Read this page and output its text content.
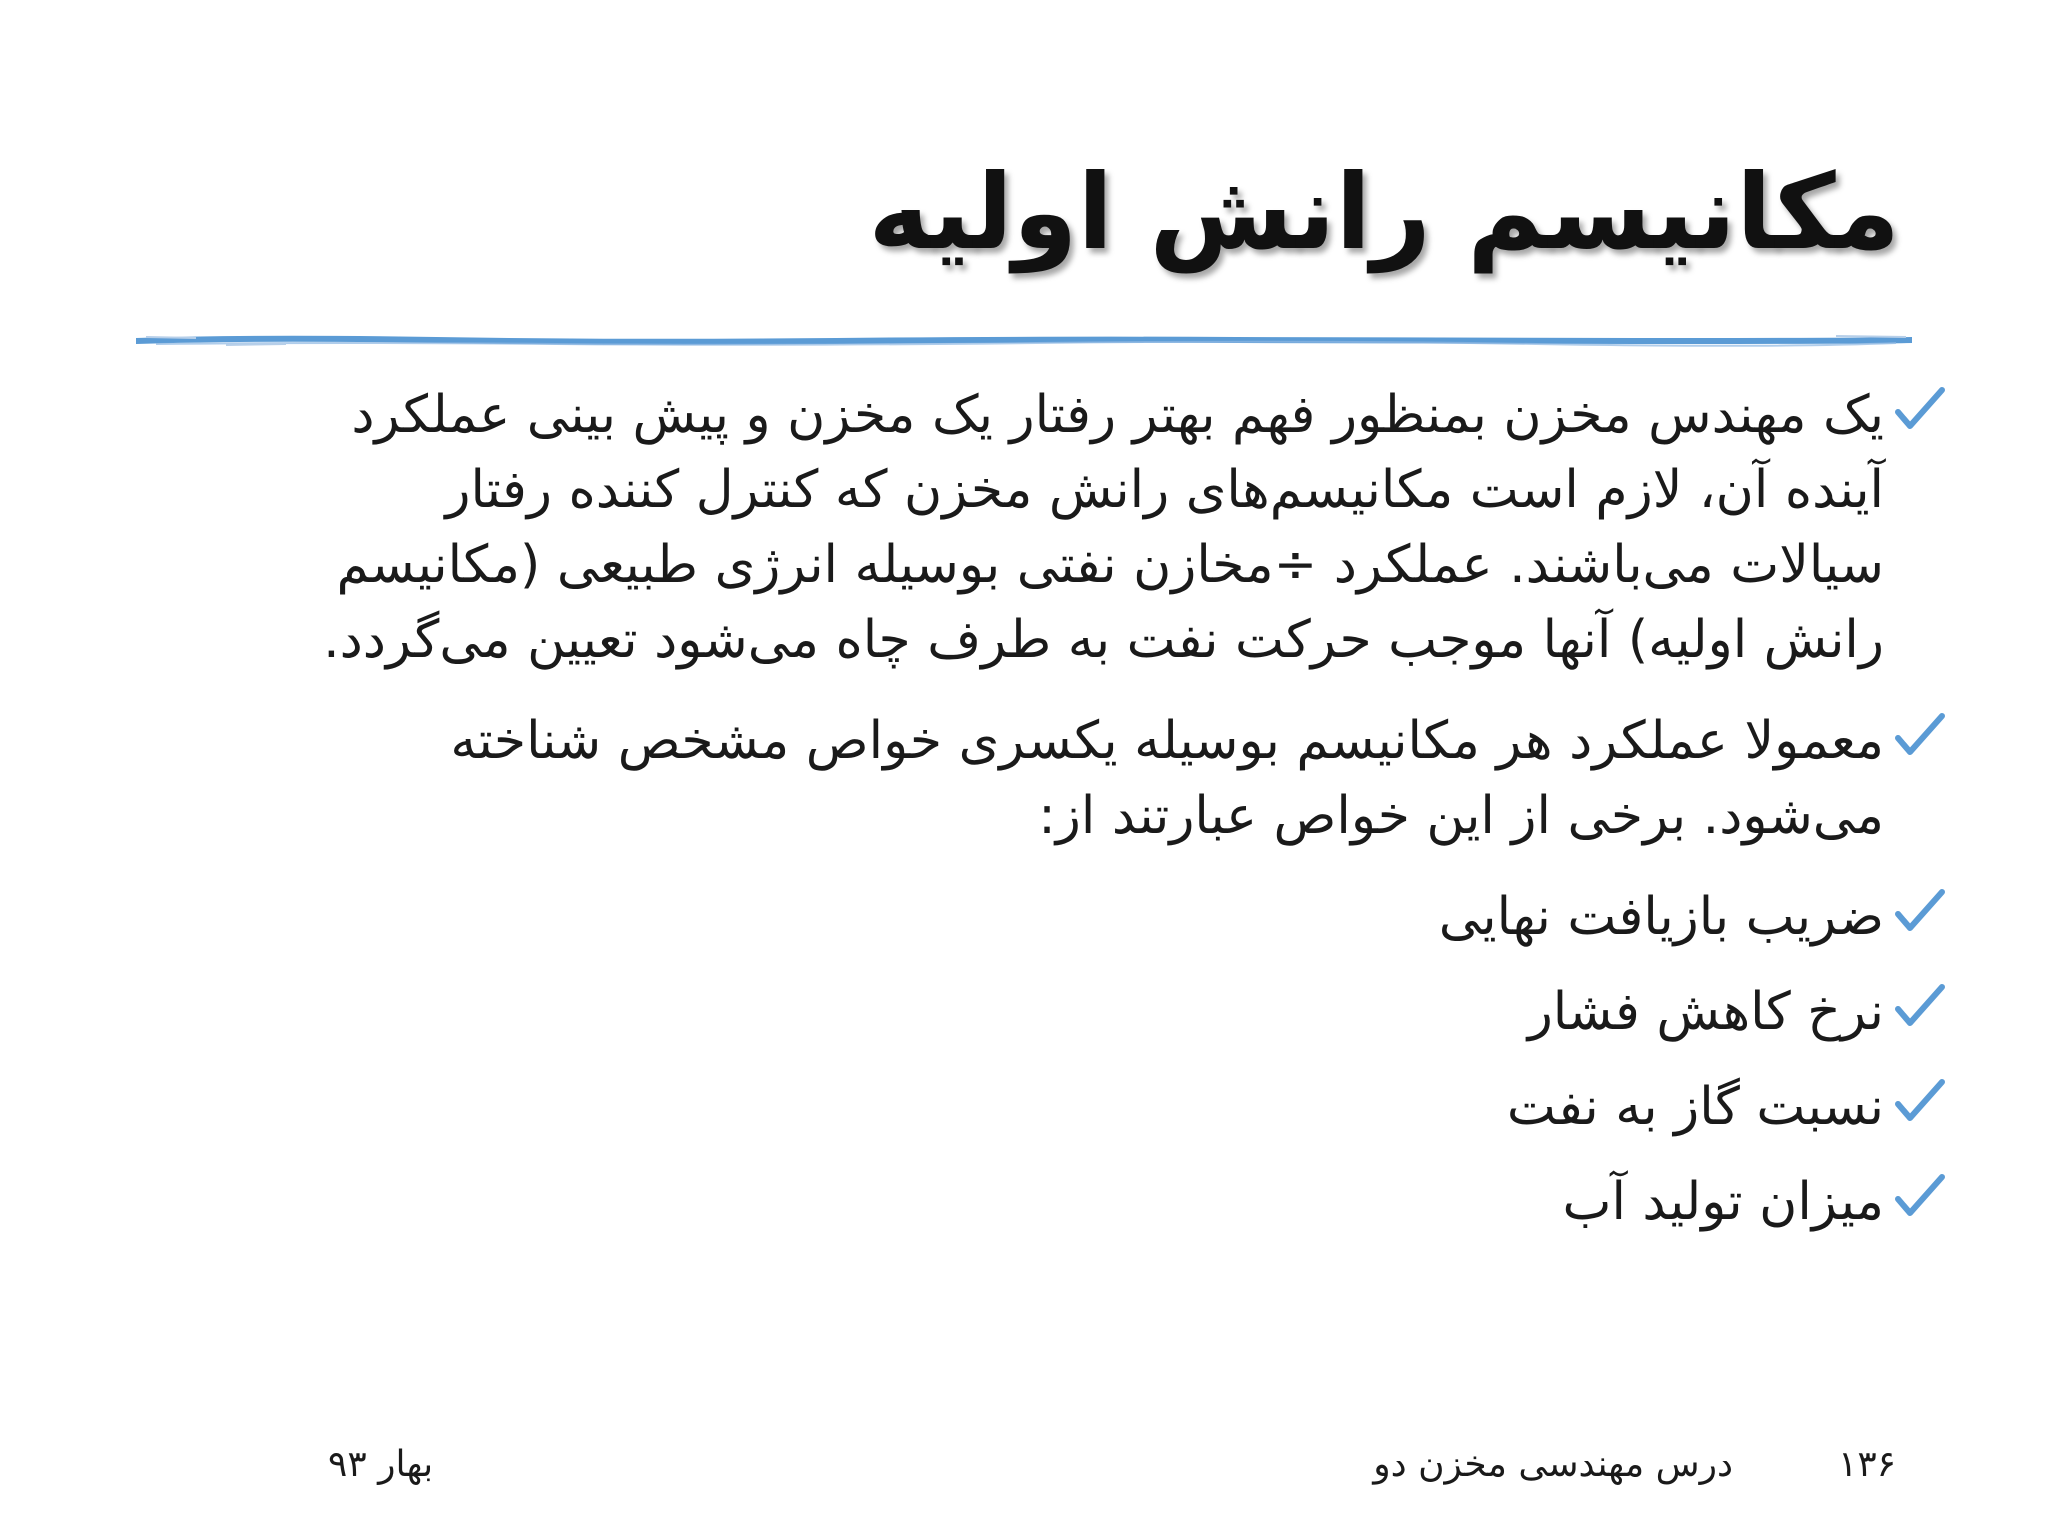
مکانیسم رانش اولیه
یک مهندس مخزن بمنظور فهم بهتر رفتار یک مخزن و پیش بینی عملکرد آینده آن، لازم است مکانیسم‌های رانش مخزن که کنترل کننده رفتار سیالات می‌باشند. عملکرد ÷مخازن نفتی بوسیله انرژی طبیعی (مکانیسم رانش اولیه) آنها موجب حرکت نفت به طرف چاه می‌شود تعیین می‌گردد.
معمولا عملکرد هر مکانیسم بوسیله یکسری خواص مشخص شناخته می‌شود. برخی از این خواص عبارتند از:
ضریب بازیافت نهایی
نرخ کاهش فشار
نسبت گاز به نفت
میزان تولید آب
۱۳۶
درس مهندسی مخزن دو
بهار ۹۳
